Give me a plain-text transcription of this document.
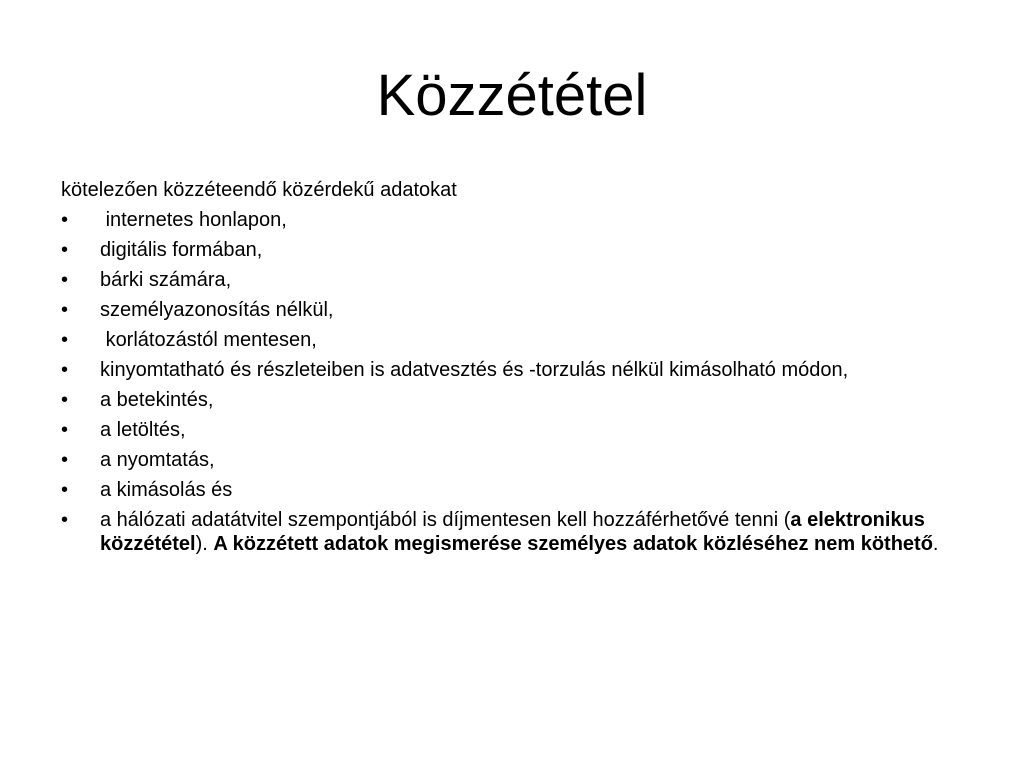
Közzététel

kötelezően közzéteendő közérdekű adatokat

•	internetes honlapon,
•	digitális formában,
•	bárki számára,
•	személyazonosítás nélkül,
•	korlátozástól mentesen,
•	kinyomtatható és részleteiben is adatvesztés és -torzulás nélkül kimásolható módon,
•	a betekintés,
•	a letöltés,
•	a nyomtatás,
•	a kimásolás és
•	a hálózati adatátvitel szempontjából is díjmentesen kell hozzáférhetővé tenni (a elektronikus közzététel). A közzétett adatok megismerése személyes adatok közléséhez nem köthető.
